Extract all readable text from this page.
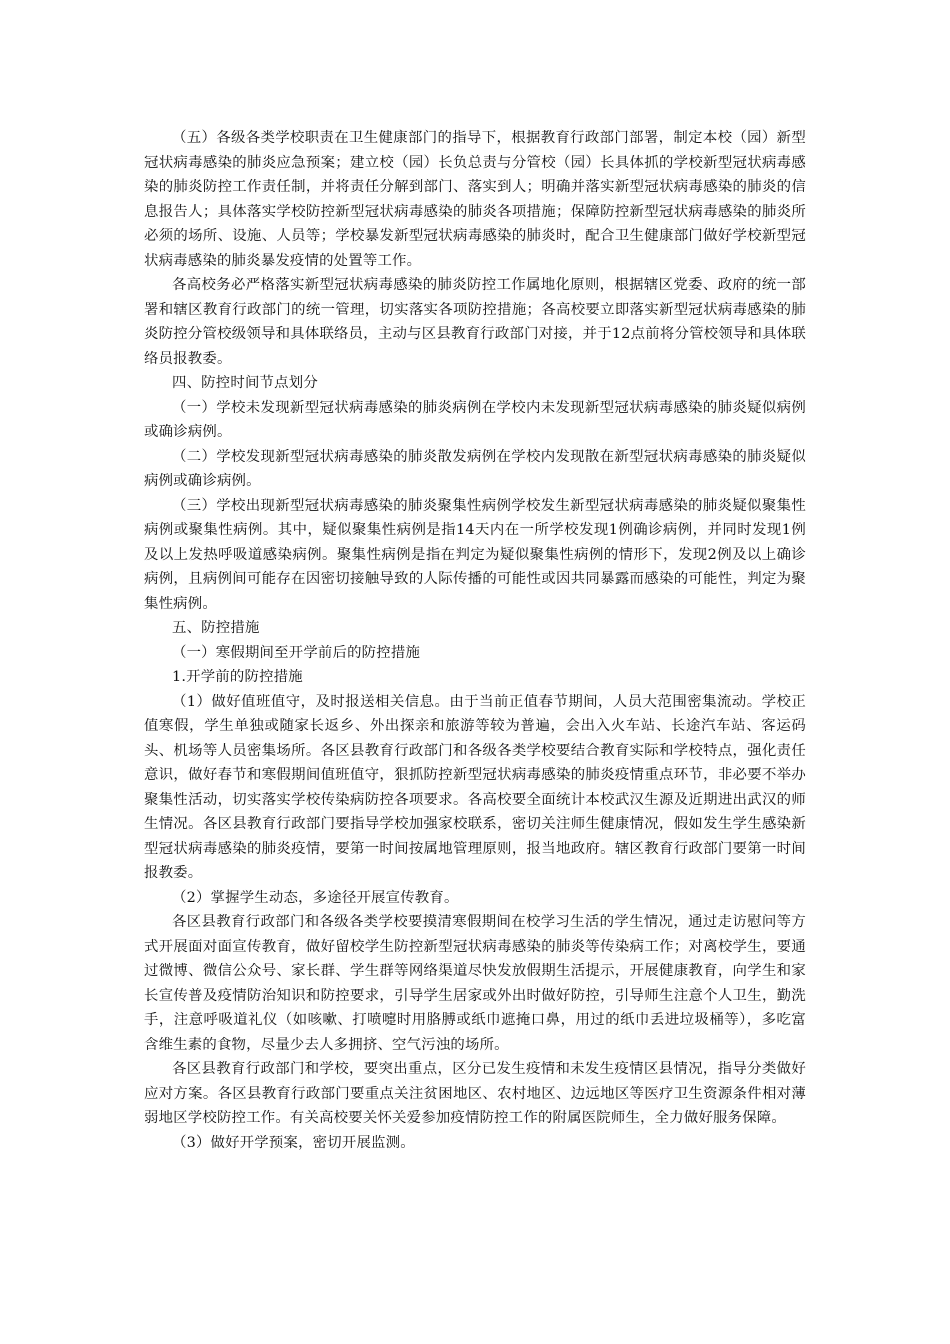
（五）各级各类学校职责在卫生健康部门的指导下，根据教育行政部门部署，制定本校（园）新型冠状病毒感染的肺炎应急预案；建立校（园）长负总责与分管校（园）长具体抓的学校新型冠状病毒感染的肺炎防控工作责任制，并将责任分解到部门、落实到人；明确并落实新型冠状病毒感染的肺炎的信息报告人；具体落实学校防控新型冠状病毒感染的肺炎各项措施；保障防控新型冠状病毒感染的肺炎所必须的场所、设施、人员等；学校暴发新型冠状病毒感染的肺炎时，配合卫生健康部门做好学校新型冠状病毒感染的肺炎暴发疫情的处置等工作。

各高校务必严格落实新型冠状病毒感染的肺炎防控工作属地化原则，根据辖区党委、政府的统一部署和辖区教育行政部门的统一管理，切实落实各项防控措施；各高校要立即落实新型冠状病毒感染的肺炎防控分管校级领导和具体联络员，主动与区县教育行政部门对接，并于12点前将分管校领导和具体联络员报教委。

四、防控时间节点划分

（一）学校未发现新型冠状病毒感染的肺炎病例在学校内未发现新型冠状病毒感染的肺炎疑似病例或确诊病例。

（二）学校发现新型冠状病毒感染的肺炎散发病例在学校内发现散在新型冠状病毒感染的肺炎疑似病例或确诊病例。

（三）学校出现新型冠状病毒感染的肺炎聚集性病例学校发生新型冠状病毒感染的肺炎疑似聚集性病例或聚集性病例。其中，疑似聚集性病例是指14天内在一所学校发现1例确诊病例，并同时发现1例及以上发热呼吸道感染病例。聚集性病例是指在判定为疑似聚集性病例的情形下，发现2例及以上确诊病例，且病例间可能存在因密切接触导致的人际传播的可能性或因共同暴露而感染的可能性，判定为聚集性病例。

五、防控措施

（一）寒假期间至开学前后的防控措施

1.开学前的防控措施

（1）做好值班值守，及时报送相关信息。由于当前正值春节期间，人员大范围密集流动。学校正值寒假，学生单独或随家长返乡、外出探亲和旅游等较为普遍，会出入火车站、长途汽车站、客运码头、机场等人员密集场所。各区县教育行政部门和各级各类学校要结合教育实际和学校特点，强化责任意识，做好春节和寒假期间值班值守，狠抓防控新型冠状病毒感染的肺炎疫情重点环节，非必要不举办聚集性活动，切实落实学校传染病防控各项要求。各高校要全面统计本校武汉生源及近期进出武汉的师生情况。各区县教育行政部门要指导学校加强家校联系，密切关注师生健康情况，假如发生学生感染新型冠状病毒感染的肺炎疫情，要第一时间按属地管理原则，报当地政府。辖区教育行政部门要第一时间报教委。

（2）掌握学生动态，多途径开展宣传教育。

各区县教育行政部门和各级各类学校要摸清寒假期间在校学习生活的学生情况，通过走访慰问等方式开展面对面宣传教育，做好留校学生防控新型冠状病毒感染的肺炎等传染病工作；对离校学生，要通过微博、微信公众号、家长群、学生群等网络渠道尽快发放假期生活提示，开展健康教育，向学生和家长宣传普及疫情防治知识和防控要求，引导学生居家或外出时做好防控，引导师生注意个人卫生，勤洗手，注意呼吸道礼仪（如咳嗽、打喷嚏时用胳膊或纸巾遮掩口鼻，用过的纸巾丢进垃圾桶等），多吃富含维生素的食物，尽量少去人多拥挤、空气污浊的场所。

各区县教育行政部门和学校，要突出重点，区分已发生疫情和未发生疫情区县情况，指导分类做好应对方案。各区县教育行政部门要重点关注贫困地区、农村地区、边远地区等医疗卫生资源条件相对薄弱地区学校防控工作。有关高校要关怀关爱参加疫情防控工作的附属医院师生，全力做好服务保障。

（3）做好开学预案，密切开展监测。
